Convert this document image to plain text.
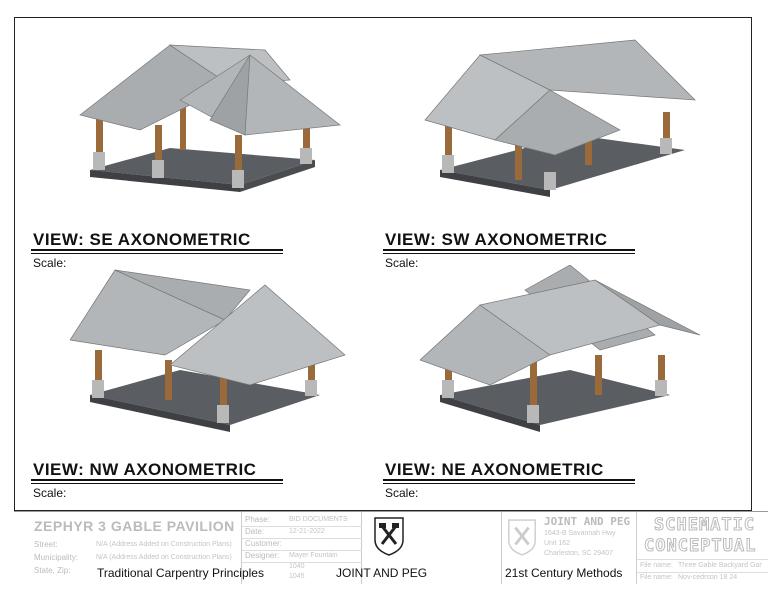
VIEW: SE AXONOMETRIC
Scale:
VIEW: SW AXONOMETRIC
Scale:
VIEW: NW AXONOMETRIC
Scale:
VIEW: NE AXONOMETRIC
Scale:
ZEPHYR 3 GABLE PAVILION
Street:	N/A (Address Added on Construction Plans)
Municipality:	N/A (Address Added on Construction Plans)
State, Zip:
Phase:	BID DOCUMENTS
Date:	12-21-2022
Customer:
Designer: Mayer Fountain
1040
1045
JOINT AND PEG
1643-B Savannah Hwy
Unit 162
Charleston, SC 29407
SCHEMATIC
CONCEPTUAL
File name: Three Gable Backyard Gar
File name: Nov-cedrson 18 24
Traditional Carpentry Principles	JOINT AND PEG	21st Century Methods
